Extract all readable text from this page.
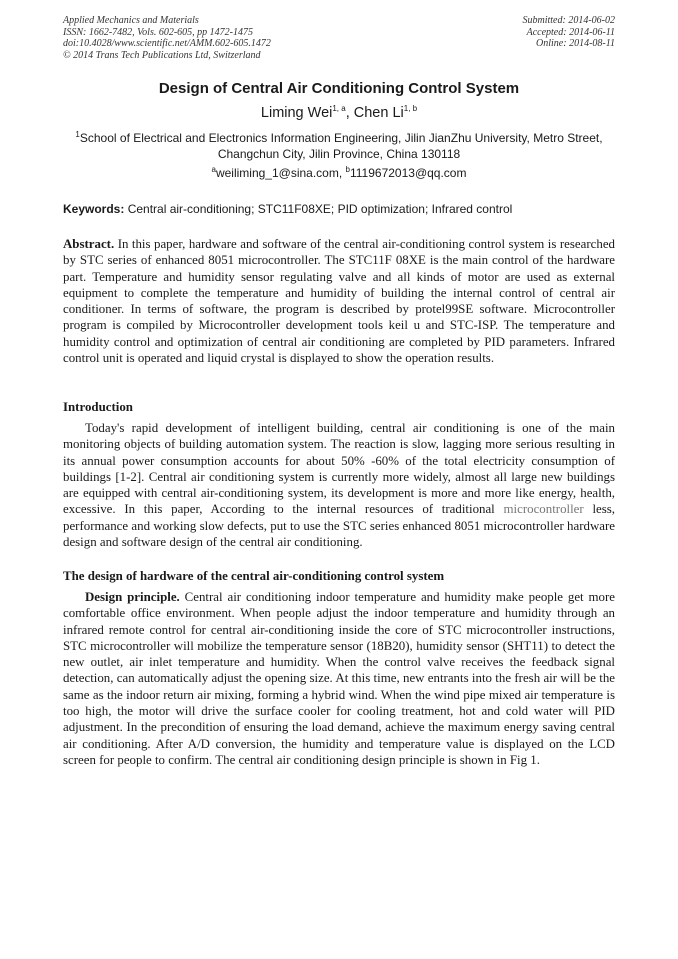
Applied Mechanics and Materials
ISSN: 1662-7482, Vols. 602-605, pp 1472-1475
doi:10.4028/www.scientific.net/AMM.602-605.1472
© 2014 Trans Tech Publications Ltd, Switzerland
Submitted: 2014-06-02
Accepted: 2014-06-11
Online: 2014-08-11
Design of Central Air Conditioning Control System
Liming Wei$^{1, a}$, Chen Li$^{1, b}$
$^1$School of Electrical and Electronics Information Engineering, Jilin JianZhu University, Metro Street, Changchun City, Jilin Province, China 130118
$^a$weiliming_1@sina.com, $^b$1119672013@qq.com
Keywords: Central air-conditioning; STC11F08XE; PID optimization; Infrared control
Abstract. In this paper, hardware and software of the central air-conditioning control system is researched by STC series of enhanced 8051 microcontroller. The STC11F 08XE is the main control of the hardware part. Temperature and humidity sensor regulating valve and all kinds of motor are used as external equipment to complete the temperature and humidity of building the internal control of central air conditioner. In terms of software, the program is described by protel99SE software. Microcontroller program is compiled by Microcontroller development tools keil u and STC-ISP. The temperature and humidity control and optimization of central air conditioning are completed by PID parameters. Infrared control unit is operated and liquid crystal is displayed to show the operation results.
Introduction
Today's rapid development of intelligent building, central air conditioning is one of the main monitoring objects of building automation system. The reaction is slow, lagging more serious resulting in its annual power consumption accounts for about 50% -60% of the total electricity consumption of buildings [1-2]. Central air conditioning system is currently more widely, almost all large new buildings are equipped with central air-conditioning system, its development is more and more like energy, health, excessive. In this paper, According to the internal resources of traditional microcontroller less, performance and working slow defects, put to use the STC series enhanced 8051 microcontroller hardware design and software design of the central air conditioning.
The design of hardware of the central air-conditioning control system
Design principle. Central air conditioning indoor temperature and humidity make people get more comfortable office environment. When people adjust the indoor temperature and humidity through an infrared remote control for central air-conditioning inside the core of STC microcontroller instructions, STC microcontroller will mobilize the temperature sensor (18B20), humidity sensor (SHT11) to detect the new outlet, air inlet temperature and humidity. When the control valve receives the feedback signal detection, can automatically adjust the opening size. At this time, new entrants into the fresh air will be the same as the indoor return air mixing, forming a hybrid wind. When the wind pipe mixed air temperature is too high, the motor will drive the surface cooler for cooling treatment, hot and cold water will PID adjustment. In the precondition of ensuring the load demand, achieve the maximum energy saving central air conditioning. After A/D conversion, the humidity and temperature value is displayed on the LCD screen for people to confirm. The central air conditioning design principle is shown in Fig 1.
